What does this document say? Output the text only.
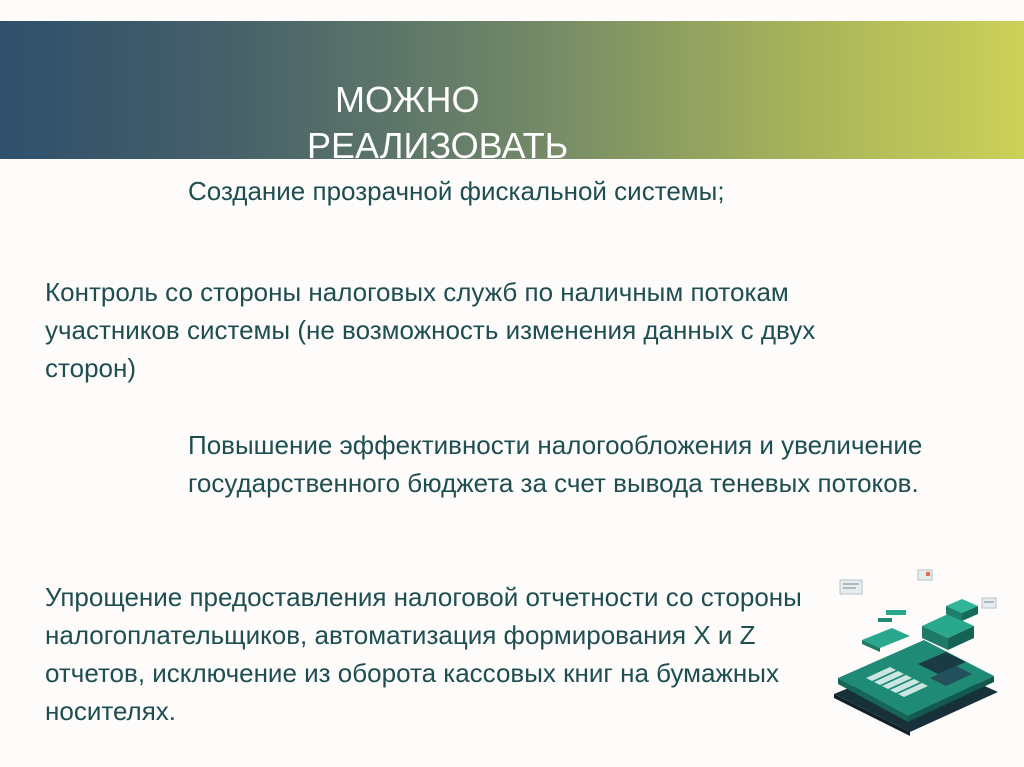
МОЖНО РЕАЛИЗОВАТЬ

Создание прозрачной фискальной системы;

Контроль со стороны налоговых служб по наличным потокам участников системы (не возможность изменения данных с двух сторон)

Повышение эффективности налогообложения и увеличение государственного бюджета за счет вывода теневых потоков.

Упрощение предоставления налоговой отчетности со стороны налогоплательщиков, автоматизация формирования X и Z отчетов, исключение из оборота кассовых книг на бумажных носителях.
